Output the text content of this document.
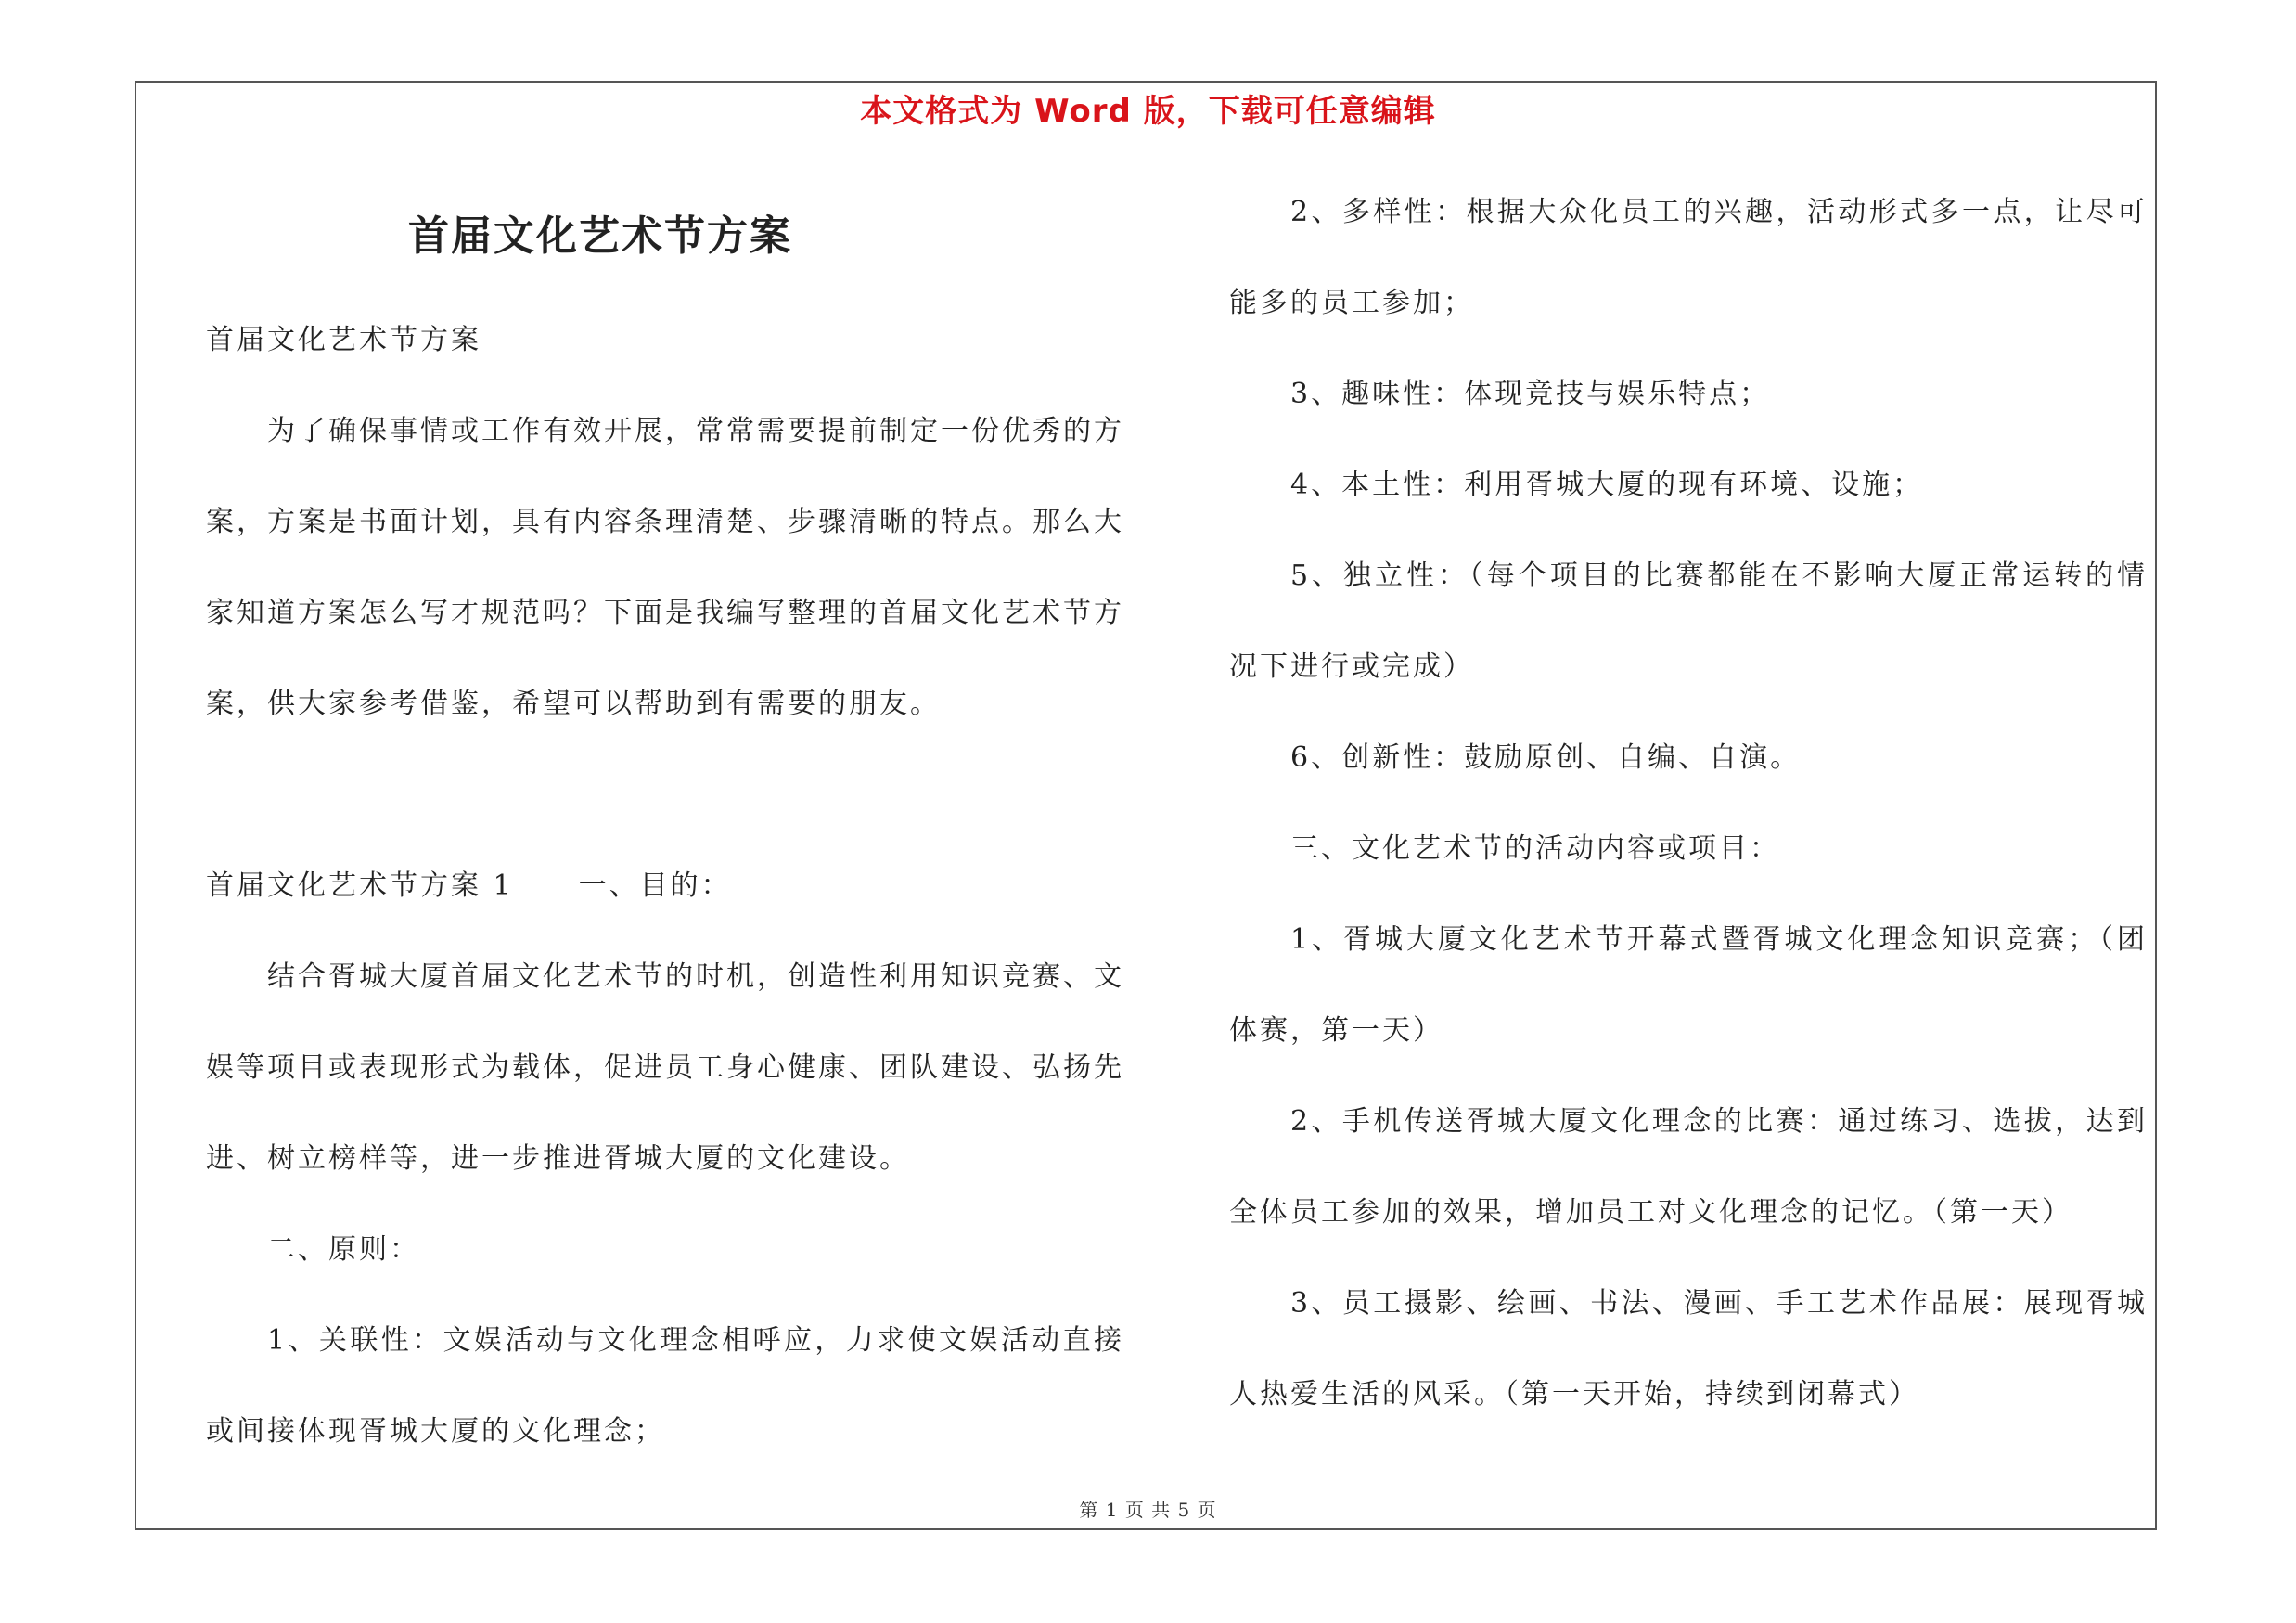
本文格式为 Word 版，下载可任意编辑
首届文化艺术节方案

首届文化艺术节方案

为了确保事情或工作有效开展，常常需要提前制定一份优秀的方案，方案是书面计划，具有内容条理清楚、步骤清晰的特点。那么大家知道方案怎么写才规范吗？下面是我编写整理的首届文化艺术节方案，供大家参考借鉴，希望可以帮助到有需要的朋友。

首届文化艺术节方案 1 一、目的：

结合胥城大厦首届文化艺术节的时机，创造性利用知识竞赛、文娱等项目或表现形式为载体，促进员工身心健康、团队建设、弘扬先进、树立榜样等，进一步推进胥城大厦的文化建设。

二、原则：

1、关联性：文娱活动与文化理念相呼应，力求使文娱活动直接或间接体现胥城大厦的文化理念；

2、多样性：根据大众化员工的兴趣，活动形式多一点，让尽可能多的员工参加；

3、趣味性：体现竞技与娱乐特点；

4、本土性：利用胥城大厦的现有环境、设施；

5、独立性：（每个项目的比赛都能在不影响大厦正常运转的情况下进行或完成）

6、创新性：鼓励原创、自编、自演。

三、文化艺术节的活动内容或项目：

1、胥城大厦文化艺术节开幕式暨胥城文化理念知识竞赛；（团体赛，第一天）

2、手机传送胥城大厦文化理念的比赛：通过练习、选拔，达到全体员工参加的效果，增加员工对文化理念的记忆。（第一天）

3、员工摄影、绘画、书法、漫画、手工艺术作品展：展现胥城人热爱生活的风采。（第一天开始，持续到闭幕式）

第 1 页 共 5 页
